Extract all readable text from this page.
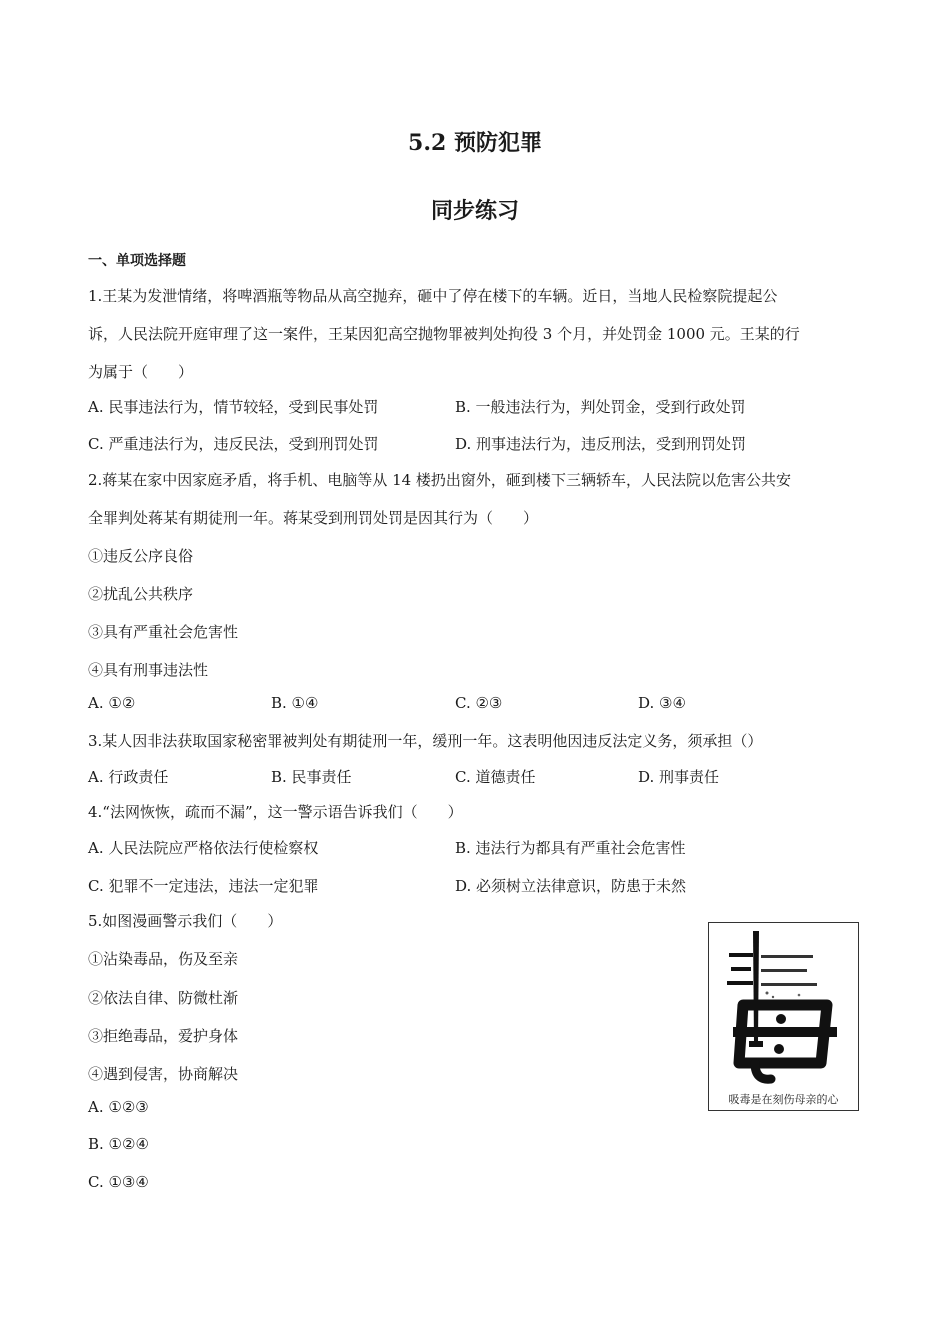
5.2 预防犯罪
同步练习
一、单项选择题
1.王某为发泄情绪，将啤酒瓶等物品从高空抛弃，砸中了停在楼下的车辆。近日，当地人民检察院提起公
诉，人民法院开庭审理了这一案件，王某因犯高空抛物罪被判处拘役 3 个月，并处罚金 1000 元。王某的行
为属于（　　）
A. 民事违法行为，情节较轻，受到民事处罚	B. 一般违法行为，判处罚金，受到行政处罚
C. 严重违法行为，违反民法，受到刑罚处罚	D. 刑事违法行为，违反刑法，受到刑罚处罚
2.蒋某在家中因家庭矛盾，将手机、电脑等从 14 楼扔出窗外，砸到楼下三辆轿车，人民法院以危害公共安
全罪判处蒋某有期徒刑一年。蒋某受到刑罚处罚是因其行为（　　）
①违反公序良俗
②扰乱公共秩序
③具有严重社会危害性
④具有刑事违法性
A. ①②	B. ①④	C. ②③	D. ③④
3.某人因非法获取国家秘密罪被判处有期徒刑一年，缓刑一年。这表明他因违反法定义务，须承担（）
A. 行政责任	B. 民事责任	C. 道德责任	D. 刑事责任
4.“法网恢恢，疏而不漏”，这一警示语告诉我们（　　）
A. 人民法院应严格依法行使检察权	B. 违法行为都具有严重社会危害性
C. 犯罪不一定违法，违法一定犯罪	D. 必须树立法律意识，防患于未然
5.如图漫画警示我们（　　）
①沾染毒品，伤及至亲
②依法自律、防微杜渐
③拒绝毒品，爱护身体
④遇到侵害，协商解决
A. ①②③
B. ①②④
C. ①③④
吸毒是在刻伤母亲的心
